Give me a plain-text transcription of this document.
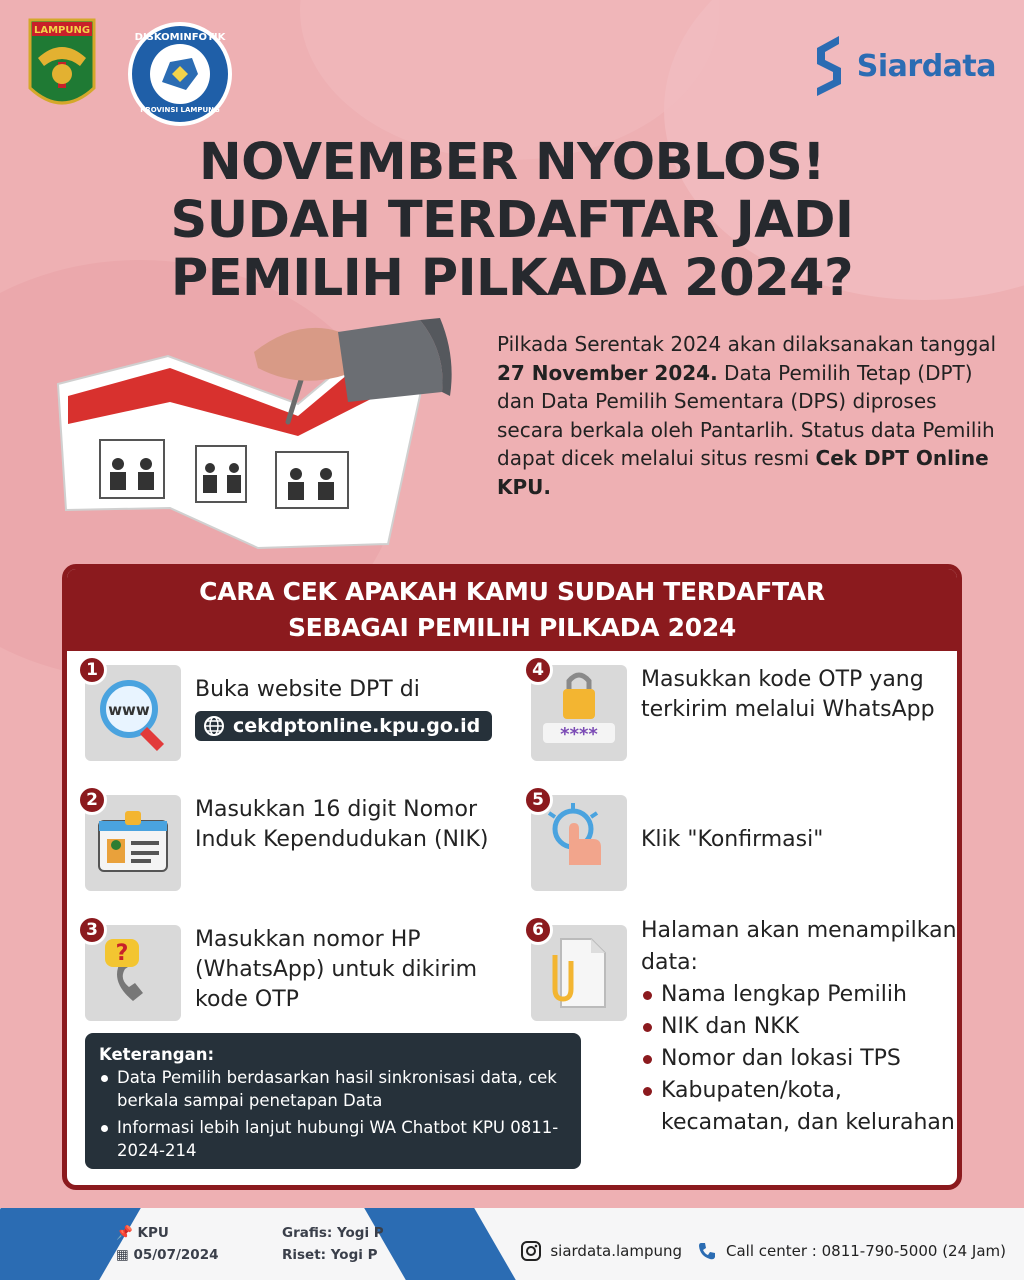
LAMPUNG
DISKOMINFOTIK
PROVINSI LAMPUNG
Siardata
NOVEMBER NYOBLOS!
SUDAH TERDAFTAR JADI
PEMILIH PILKADA 2024?
Pilkada Serentak 2024 akan dilaksanakan tanggal 27 November 2024. Data Pemilih Tetap (DPT) dan Data Pemilih Sementara (DPS) diproses secara berkala oleh Pantarlih. Status data Pemilih dapat dicek melalui situs resmi Cek DPT Online KPU.
CARA CEK APAKAH KAMU SUDAH TERDAFTAR
SEBAGAI PEMILIH PILKADA 2024
www
1
Buka website DPT di
cekdptonline.kpu.go.id
2	Masukkan 16 digit Nomor Induk Kependudukan (NIK)
?
3	Masukkan nomor HP (WhatsApp) untuk dikirim kode OTP
****
4	Masukkan kode OTP yang terkirim melalui WhatsApp
5
Klik "Konfirmasi"
6	Halaman akan menampilkan data:
Nama lengkap Pemilih
NIK dan NKK
Nomor dan lokasi TPS
Kabupaten/kota, kecamatan, dan kelurahan
Keterangan:
Data Pemilih berdasarkan hasil sinkronisasi data, cek berkala sampai penetapan Data
Informasi lebih lanjut hubungi WA Chatbot KPU 0811-2024-214
📌 KPU
▦ 05/07/2024
Grafis: Yogi P
Riset: Yogi P	siardata.lampung	Call center : 0811-790-5000 (24 Jam)
